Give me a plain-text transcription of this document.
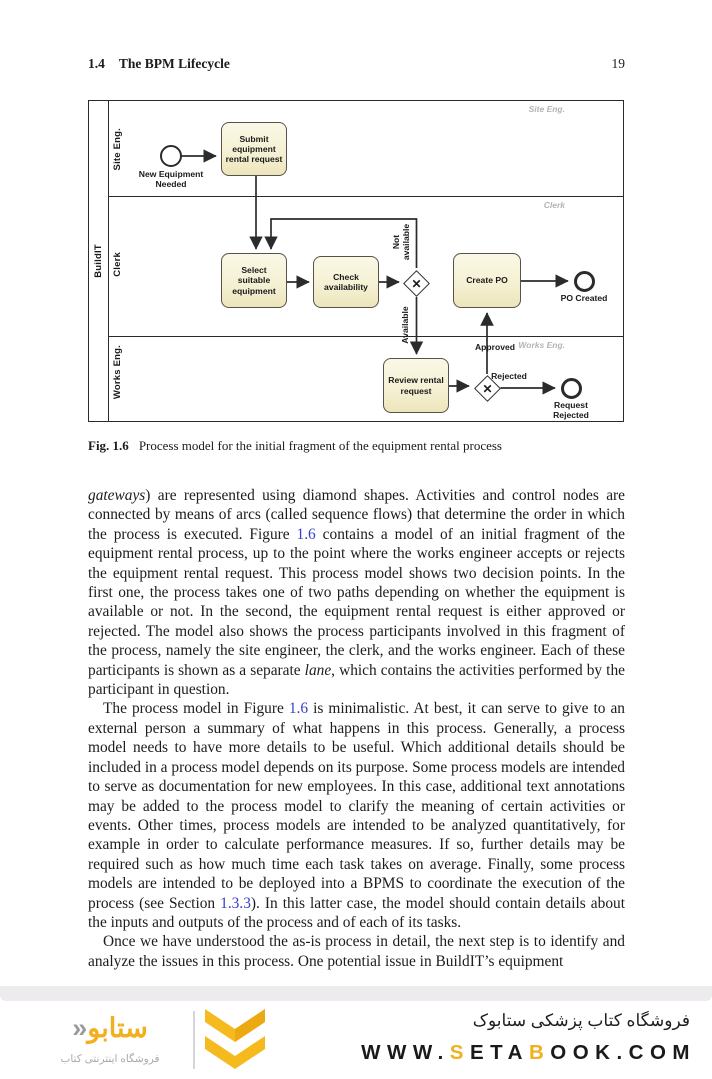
1.4 The BPM Lifecycle	19
BuildIT
Site Eng.
Clerk
Works Eng.
Site Eng.
Clerk
Works Eng.
New Equipment Needed
PO Created
Request Rejected
Submit equipment rental request
Select suitable equipment
Check availability
Create PO
Review rental request
✕
✕
Not available
Available
Approved
Rejected
Fig. 1.6 Process model for the initial fragment of the equipment rental process

gateways) are represented using diamond shapes. Activities and control nodes are connected by means of arcs (called sequence flows) that determine the order in which the process is executed. Figure 1.6 contains a model of an initial fragment of the equipment rental process, up to the point where the works engineer accepts or rejects the equipment rental request. This process model shows two decision points. In the first one, the process takes one of two paths depending on whether the equipment is available or not. In the second, the equipment rental request is either approved or rejected. The model also shows the process participants involved in this fragment of the process, namely the site engineer, the clerk, and the works engineer. Each of these participants is shown as a separate lane, which contains the activities performed by the participant in question.

The process model in Figure 1.6 is minimalistic. At best, it can serve to give to an external person a summary of what happens in this process. Generally, a process model needs to have more details to be useful. Which additional details should be included in a process model depends on its purpose. Some process models are intended to serve as documentation for new employees. In this case, additional text annotations may be added to the process model to clarify the meaning of certain activities or events. Other times, process models are intended to be analyzed quantitatively, for example in order to calculate performance measures. If so, further details may be required such as how much time each task takes on average. Finally, some process models are intended to be deployed into a BPMS to coordinate the execution of the process (see Section 1.3.3). In this latter case, the model should contain details about the inputs and outputs of the process and of each of its tasks.

Once we have understood the as-is process in detail, the next step is to identify and analyze the issues in this process. One potential issue in BuildIT’s equipment

ستابو«
فروشگاه اینترنتی کتاب
فروشگاه کتاب پزشکی ستابوک
WWW.SETABOOK.COM
